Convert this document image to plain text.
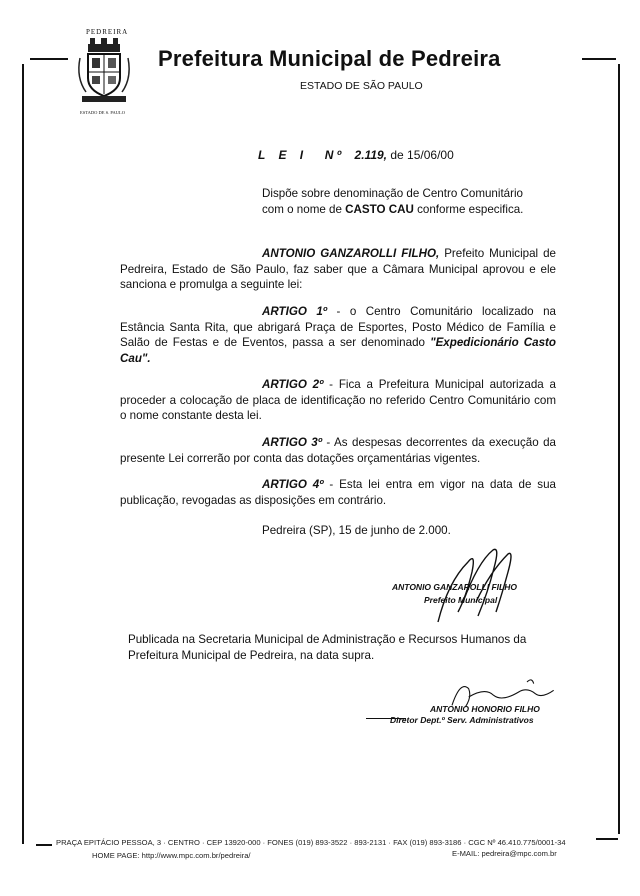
PEDREIRA
ESTADO DE S. PAULO
Prefeitura Municipal de Pedreira
ESTADO DE SÃO PAULO
L E I N º 2.119, de 15/06/00
Dispõe sobre denominação de Centro Comunitário
com o nome de CASTO CAU conforme especifica.
ANTONIO GANZAROLLI FILHO, Prefeito Municipal de Pedreira, Estado de São Paulo, faz saber que a Câmara Municipal aprovou e ele sanciona e promulga a seguinte lei:
ARTIGO 1º - o Centro Comunitário localizado na Estância Santa Rita, que abrigará Praça de Esportes, Posto Médico de Família e Salão de Festas e de Eventos, passa a ser denominado "Expedicionário Casto Cau".
ARTIGO 2º - Fica a Prefeitura Municipal autorizada a proceder a colocação de placa de identificação no referido Centro Comunitário com o nome constante desta lei.
ARTIGO 3º - As despesas decorrentes da execução da presente Lei correrão por conta das dotações orçamentárias vigentes.
ARTIGO 4º - Esta lei entra em vigor na data de sua publicação, revogadas as disposições em contrário.
Pedreira (SP), 15 de junho de 2.000.
ANTONIO GANZAROLLI FILHO
Prefeito Municipal
Publicada na Secretaria Municipal de Administração e Recursos Humanos da Prefeitura Municipal de Pedreira, na data supra.
ANTONIO HONORIO FILHO
Diretor Dept.º Serv. Administrativos
PRAÇA EPITÁCIO PESSOA, 3 · CENTRO · CEP 13920-000 · FONES (019) 893-3522 · 893-2131 · FAX (019) 893-3186 · CGC Nº 46.410.775/0001-34
HOME PAGE: http://www.mpc.com.br/pedreira/	E-MAIL: pedreira@mpc.com.br
